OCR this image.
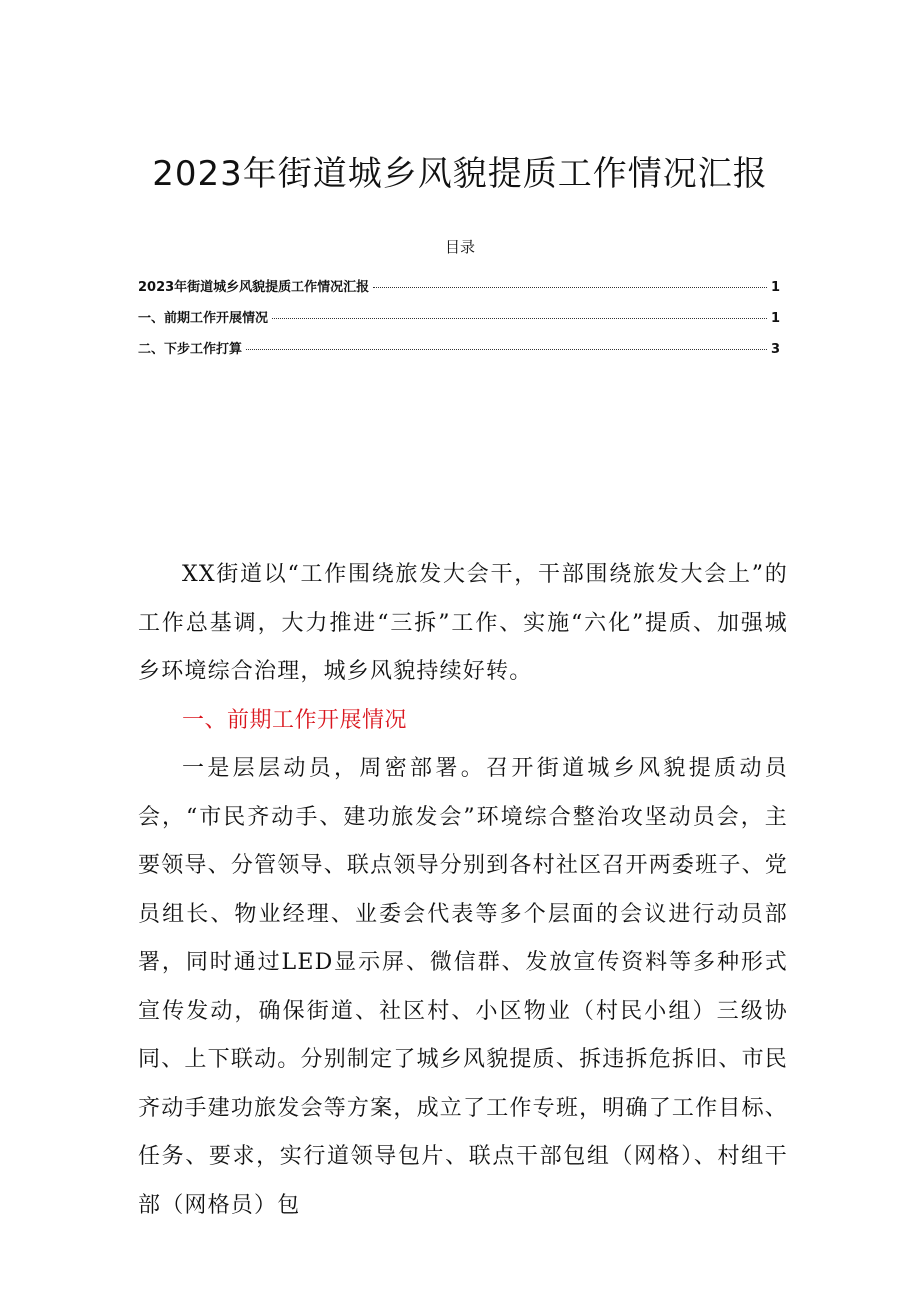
2023年街道城乡风貌提质工作情况汇报
目录
2023年街道城乡风貌提质工作情况汇报	1
一、前期工作开展情况	1
二、下步工作打算	3

XX街道以“工作围绕旅发大会干，干部围绕旅发大会上”的工作总基调，大力推进“三拆”工作、实施“六化”提质、加强城乡环境综合治理，城乡风貌持续好转。

一、前期工作开展情况

一是层层动员，周密部署。召开街道城乡风貌提质动员会，“市民齐动手、建功旅发会”环境综合整治攻坚动员会，主要领导、分管领导、联点领导分别到各村社区召开两委班子、党员组长、物业经理、业委会代表等多个层面的会议进行动员部署，同时通过LED显示屏、微信群、发放宣传资料等多种形式宣传发动，确保街道、社区村、小区物业（村民小组）三级协同、上下联动。分别制定了城乡风貌提质、拆违拆危拆旧、市民齐动手建功旅发会等方案，成立了工作专班，明确了工作目标、任务、要求，实行道领导包片、联点干部包组（网格）、村组干部（网格员）包
